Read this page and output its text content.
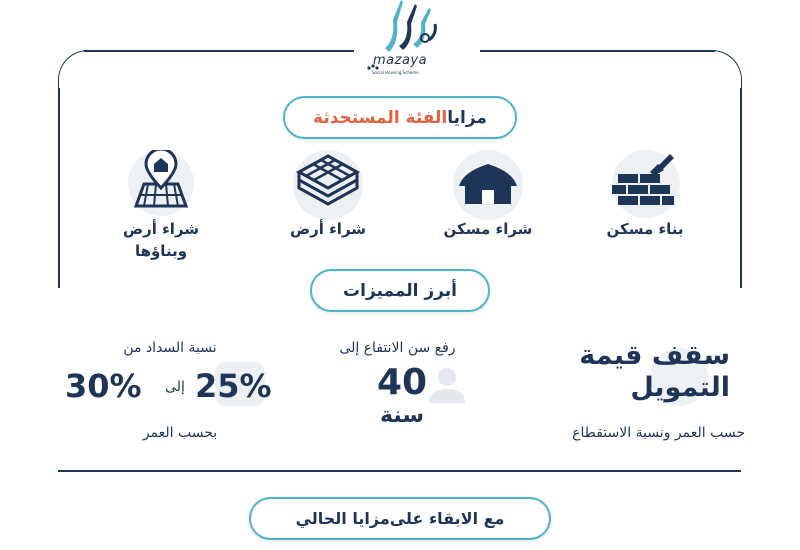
mazaya
Social Housing Scheme
مزايا
الفئة المستحدثة
بناء مسكن
شراء مسكن
شراء أرض
شراء أرض
وبناؤها
أبرز المميزات
سقف قيمة
التمويل
حسب العمر ونسبة الاستقطاع
رفع سن الانتفاع إلى
40
سنة
نسبة السداد من
25%
إلى
30%
بحسب العمر
مع الابقاء على
مزايا الحالي
